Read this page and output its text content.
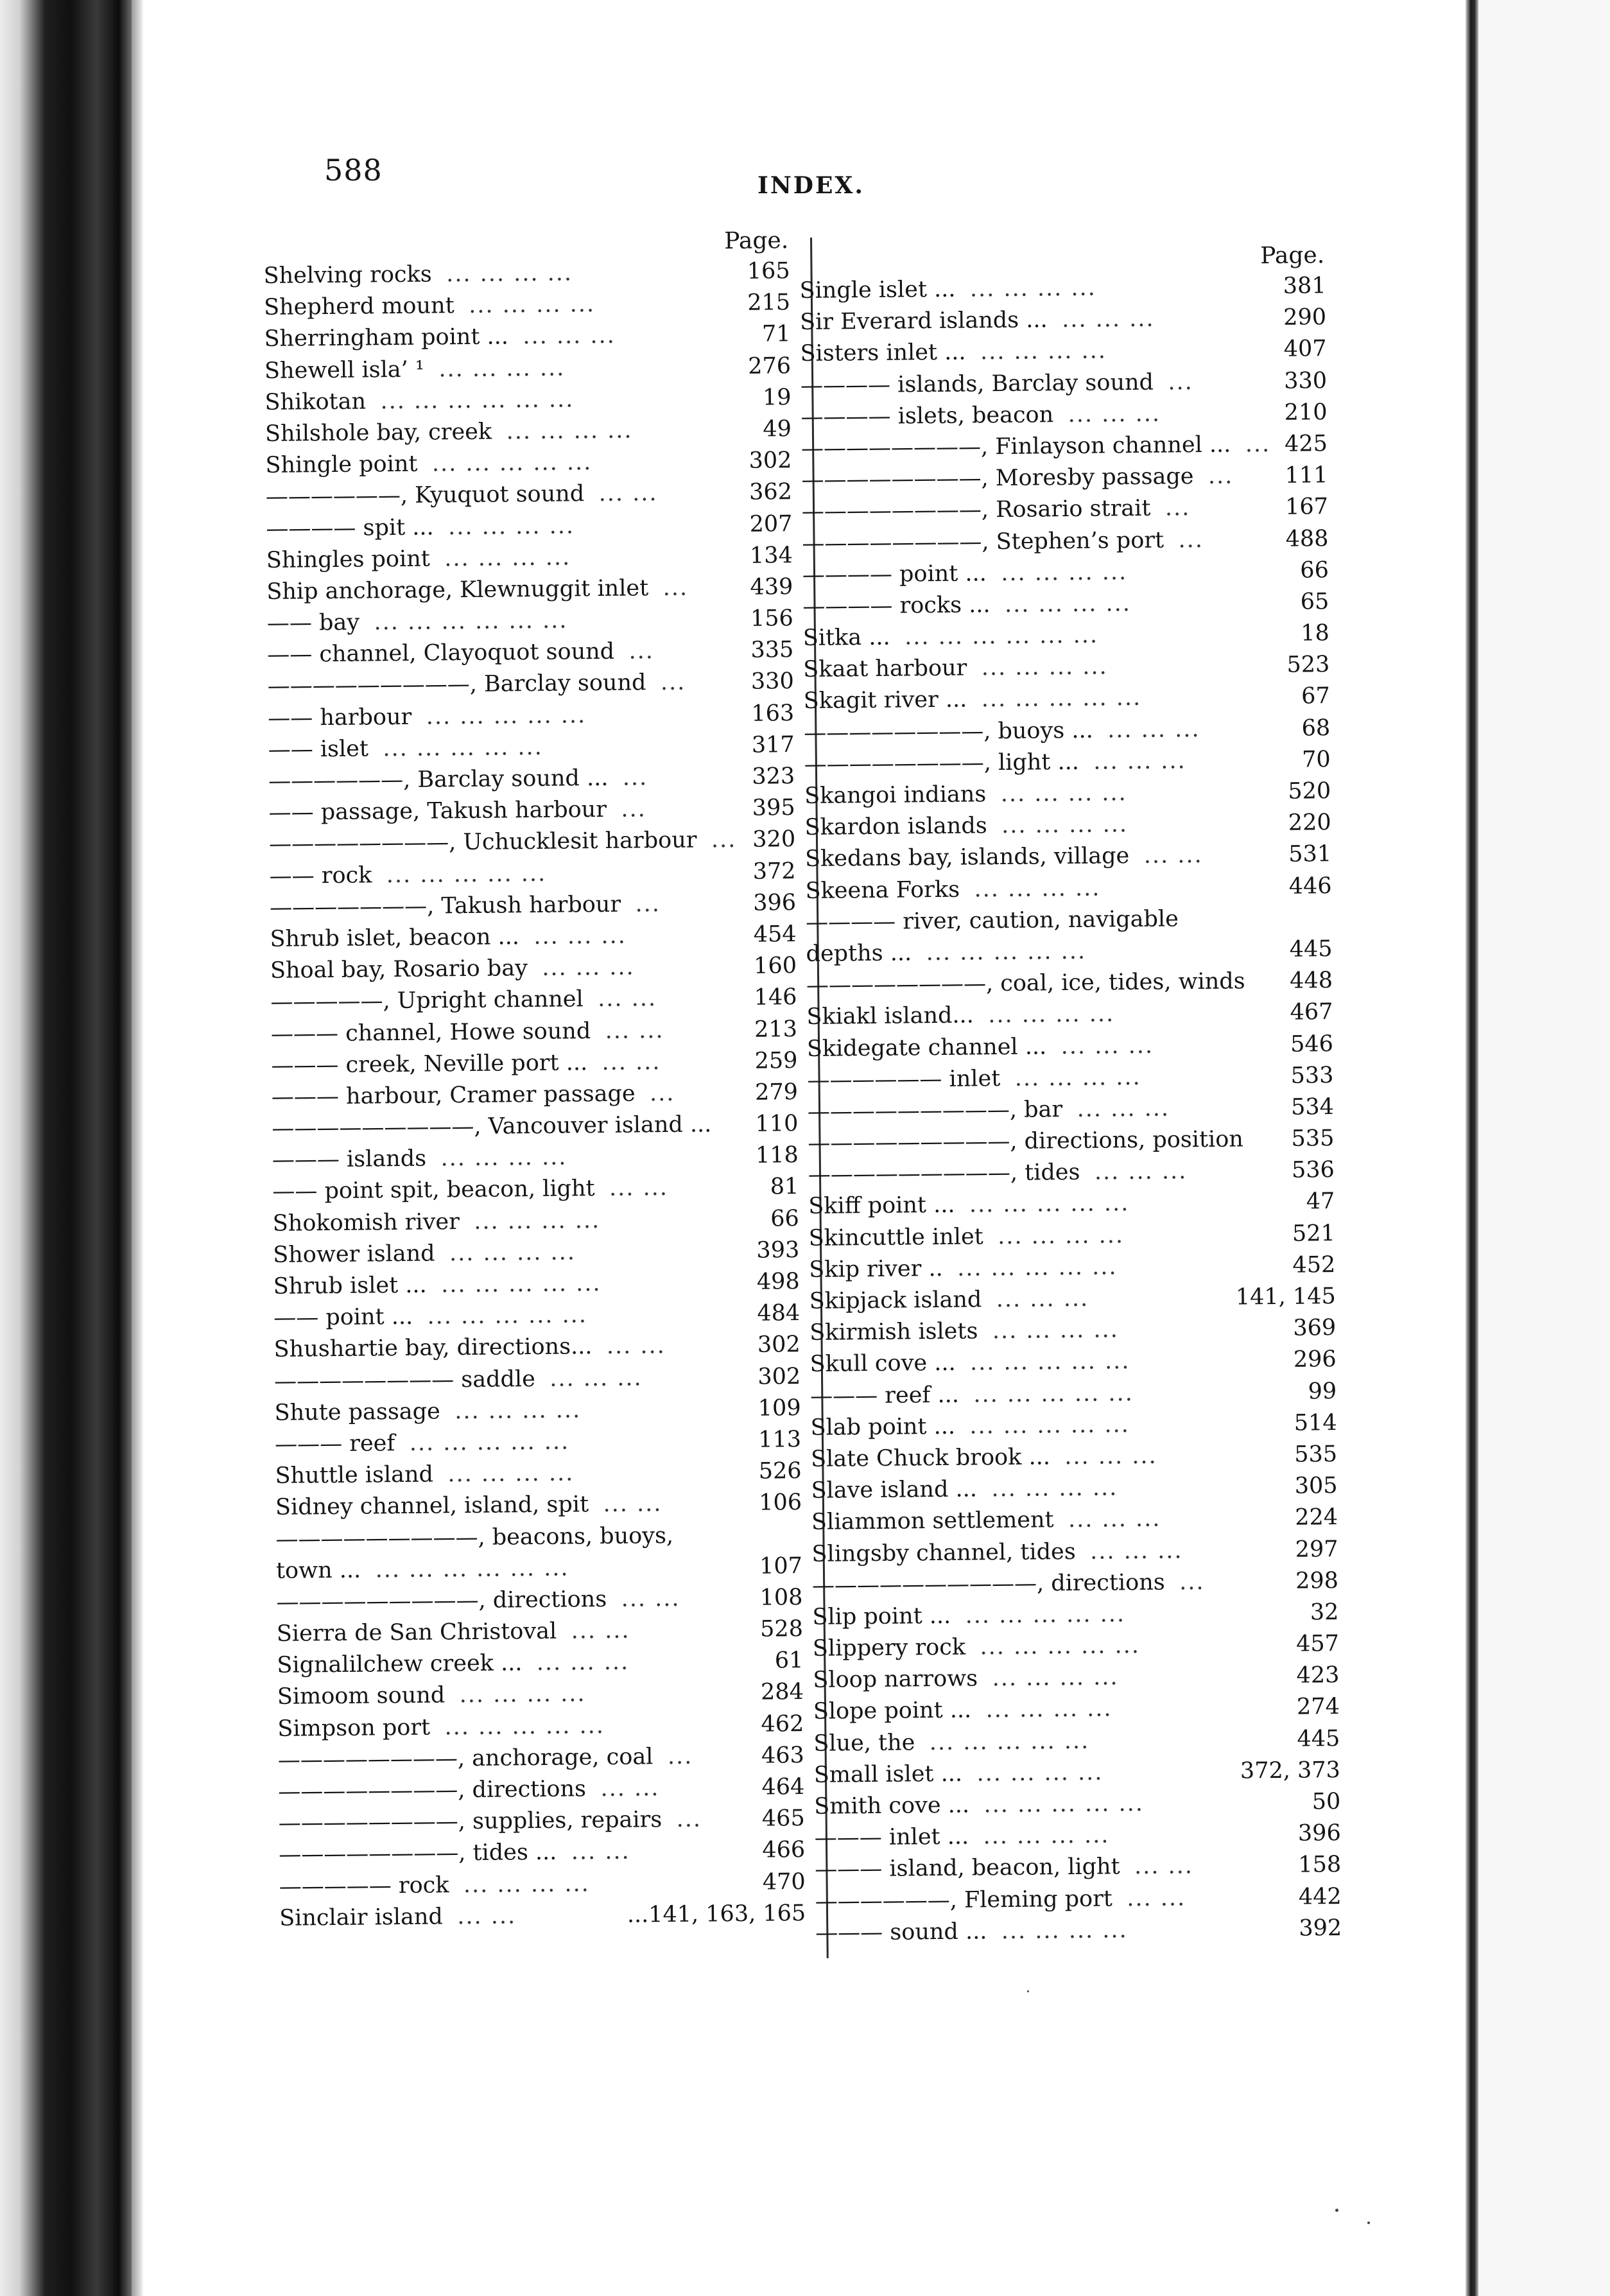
588	INDEX.
Page.
Shelving rocks	165
... ... ... ...
Shepherd mount	215
... ... ... ...
Sherringham point ...	71
... ... ...
Shewell isla’ ¹	276
... ... ... ...
Shikotan	19
... ... ... ... ... ...
Shilshole bay, creek	49
... ... ... ...
Shingle point	302
... ... ... ... ...
——————, Kyuquot sound	362
... ...
———— spit ...	207
... ... ... ...
Shingles point	134
... ... ... ...
Ship anchorage, Klewnuggit inlet	439
...
—— bay	156
... ... ... ... ... ...
—— channel, Clayoquot sound	335
...
—————————, Barclay sound	330
...
—— harbour	163
... ... ... ... ...
—— islet	317
... ... ... ... ...
——————, Barclay sound ...	323
...
—— passage, Takush harbour	395
...
————————, Uchucklesit harbour 320
...
—— rock	372
... ... ... ... ...
———————, Takush harbour	396
...
Shrub islet, beacon ...	454
... ... ...
Shoal bay, Rosario bay	160
... ... ...
—————, Upright channel	146
... ...
——— channel, Howe sound	213
... ...
——— creek, Neville port ...	259
... ...
——— harbour, Cramer passage	279
...
—————————, Vancouver island ... 110
——— islands	118
... ... ... ...
—— point spit, beacon, light	81
... ...
Shokomish river	66
... ... ... ...
Shower island	393
... ... ... ...
Shrub islet ...	498
... ... ... ... ...
—— point ...	484
... ... ... ... ...
Shushartie bay, directions...	302
... ...
———————— saddle	302
... ... ...
Shute passage	109
... ... ... ...
——— reef	113
... ... ... ... ...
Shuttle island	526
... ... ... ...
Sidney channel, island, spit	106
... ...
—————————, beacons, buoys,
town ...	107
... ... ... ... ... ...
—————————, directions	108
... ...
Sierra de San Christoval	528
... ...
Signalilchew creek ...	61
... ... ...
Simoom sound	284
... ... ... ...
Simpson port	462
... ... ... ... ...
————————, anchorage, coal	463
...
————————, directions	464
... ...
————————, supplies, repairs	465
...
————————, tides ...	466
... ...
————— rock	470
... ... ... ...
Sinclair island	...141, 163, 165
... ...
Page.
Single islet ...	381
... ... ... ...
Sir Everard islands ...	290
... ... ...
Sisters inlet ...	407
... ... ... ...
———— islands, Barclay sound	330
...
———— islets, beacon	210
... ... ...
————————, Finlayson channel ... 425
...
————————, Moresby passage	111
...
————————, Rosario strait	167
...
————————, Stephen’s port	488
...
———— point ...	66
... ... ... ...
———— rocks ...	65
... ... ... ...
Sitka ...	18
... ... ... ... ... ...
Skaat harbour	523
... ... ... ...
Skagit river ...	67
... ... ... ... ...
————————, buoys ...	68
... ... ...
————————, light ...	70
... ... ...
Skangoi indians	520
... ... ... ...
Skardon islands	220
... ... ... ...
Skedans bay, islands, village	531
... ...
Skeena Forks	446
... ... ... ...
———— river, caution, navigable
depths ...	445
... ... ... ... ...
————————, coal, ice, tides, winds 448
Skiakl island...	467
... ... ... ...
Skidegate channel ...	546
... ... ...
—————— inlet	533
... ... ... ...
—————————, bar	534
... ... ...
—————————, directions, position 535
—————————, tides	536
... ... ...
Skiff point ...	47
... ... ... ... ...
Skincuttle inlet	521
... ... ... ...
Skip river ..	452
... ... ... ... ...
Skipjack island	141, 145
... ... ...
Skirmish islets	369
... ... ... ...
Skull cove ...	296
... ... ... ... ...
——— reef ...	99
... ... ... ... ...
Slab point ...	514
... ... ... ... ...
Slate Chuck brook ...	535
... ... ...
Slave island ...	305
... ... ... ...
Sliammon settlement	224
... ... ...
Slingsby channel, tides	297
... ... ...
——————————, directions	298
...
Slip point ...	32
... ... ... ... ...
Slippery rock	457
... ... ... ... ...
Sloop narrows	423
... ... ... ...
Slope point ...	274
... ... ... ...
Slue, the	445
... ... ... ... ...
Small islet ...	372, 373
... ... ... ...
Smith cove ...	50
... ... ... ... ...
——— inlet ...	396
... ... ... ...
——— island, beacon, light	158
... ...
——————, Fleming port	442
... ...
——— sound ...	392
... ... ... ...
